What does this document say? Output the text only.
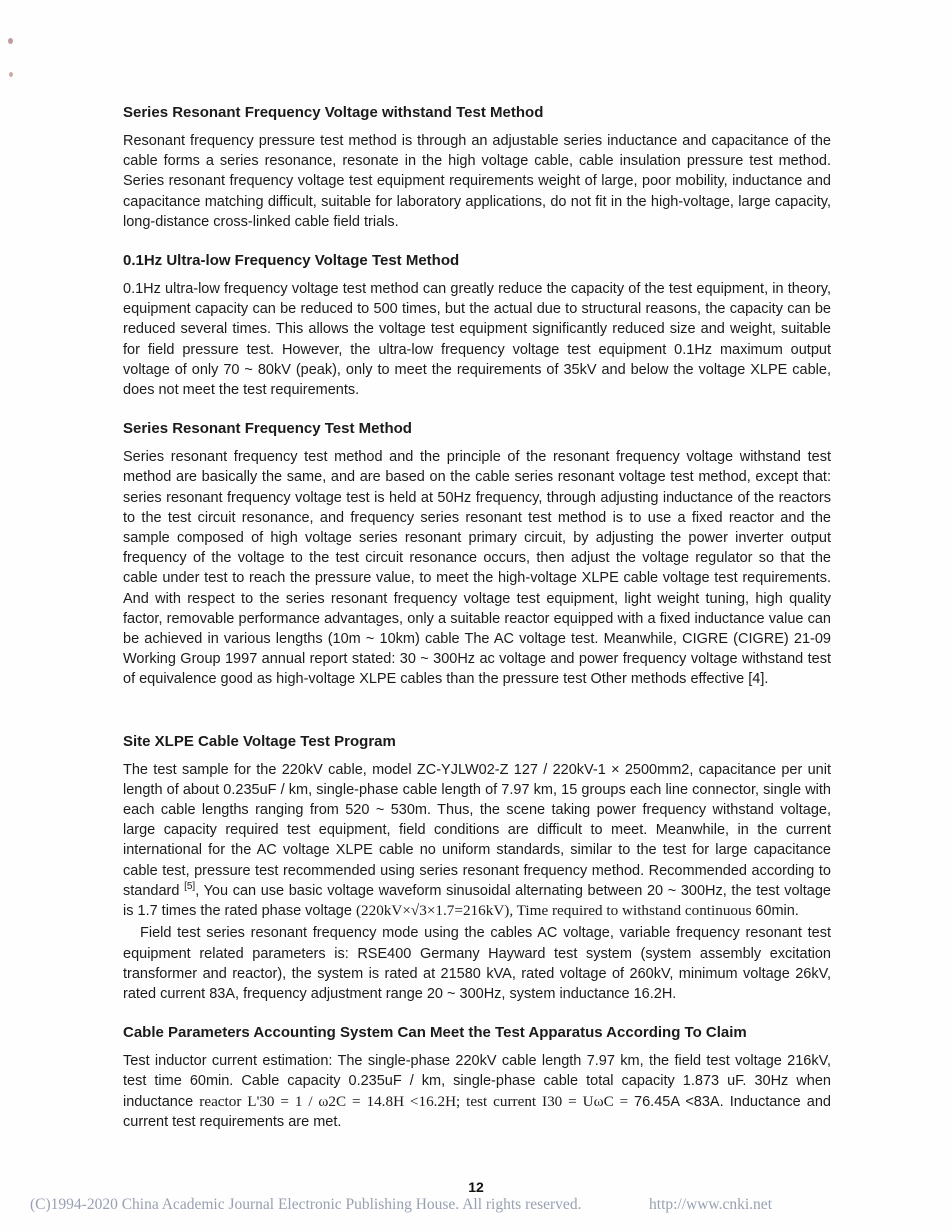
Series Resonant Frequency Voltage withstand Test Method

Resonant frequency pressure test method is through an adjustable series inductance and capacitance of the cable forms a series resonance, resonate in the high voltage cable, cable insulation pressure test method. Series resonant frequency voltage test equipment requirements weight of large, poor mobility, inductance and capacitance matching difficult, suitable for laboratory applications, do not fit in the high-voltage, large capacity, long-distance cross-linked cable field trials.

0.1Hz Ultra-low Frequency Voltage Test Method

0.1Hz ultra-low frequency voltage test method can greatly reduce the capacity of the test equipment, in theory, equipment capacity can be reduced to 500 times, but the actual due to structural reasons, the capacity can be reduced several times. This allows the voltage test equipment significantly reduced size and weight, suitable for field pressure test. However, the ultra-low frequency voltage test equipment 0.1Hz maximum output voltage of only 70 ~ 80kV (peak), only to meet the requirements of 35kV and below the voltage XLPE cable, does not meet the test requirements.

Series Resonant Frequency Test Method

Series resonant frequency test method and the principle of the resonant frequency voltage withstand test method are basically the same, and are based on the cable series resonant voltage test method, except that: series resonant frequency voltage test is held at 50Hz frequency, through adjusting inductance of the reactors to the test circuit resonance, and frequency series resonant test method is to use a fixed reactor and the sample composed of high voltage series resonant primary circuit, by adjusting the power inverter output frequency of the voltage to the test circuit resonance occurs, then adjust the voltage regulator so that the cable under test to reach the pressure value, to meet the high-voltage XLPE cable voltage test requirements. And with respect to the series resonant frequency voltage test equipment, light weight tuning, high quality factor, removable performance advantages, only a suitable reactor equipped with a fixed inductance value can be achieved in various lengths (10m ~ 10km) cable The AC voltage test. Meanwhile, CIGRE (CIGRE) 21-09 Working Group 1997 annual report stated: 30 ~ 300Hz ac voltage and power frequency voltage withstand test of equivalence good as high-voltage XLPE cables than the pressure test Other methods effective [4].

Site XLPE Cable Voltage Test Program

The test sample for the 220kV cable, model ZC-YJLW02-Z 127 / 220kV-1 × 2500mm2, capacitance per unit length of about 0.235uF / km, single-phase cable length of 7.97 km, 15 groups each line connector, single with each cable lengths ranging from 520 ~ 530m. Thus, the scene taking power frequency withstand voltage, large capacity required test equipment, field conditions are difficult to meet. Meanwhile, in the current international for the AC voltage XLPE cable no uniform standards, similar to the test for large capacitance cable test, pressure test recommended using series resonant frequency method. Recommended according to standard [5], You can use basic voltage waveform sinusoidal alternating between 20 ~ 300Hz, the test voltage is 1.7 times the rated phase voltage (220kV×√3×1.7=216kV), Time required to withstand continuous 60min.

Field test series resonant frequency mode using the cables AC voltage, variable frequency resonant test equipment related parameters is: RSE400 Germany Hayward test system (system assembly excitation transformer and reactor), the system is rated at 21580 kVA, rated voltage of 260kV, minimum voltage 26kV, rated current 83A, frequency adjustment range 20 ~ 300Hz, system inductance 16.2H.

Cable Parameters Accounting System Can Meet the Test Apparatus According To Claim

Test inductor current estimation: The single-phase 220kV cable length 7.97 km, the field test voltage 216kV, test time 60min. Cable capacity 0.235uF / km, single-phase cable total capacity 1.873 uF. 30Hz when inductance reactor L'30 = 1 / ω2C = 14.8H <16.2H; test current I30 = UωC = 76.45A <83A. Inductance and current test requirements are met.

12
(C)1994-2020 China Academic Journal Electronic Publishing House. All rights reserved.	http://www.cnki.net
